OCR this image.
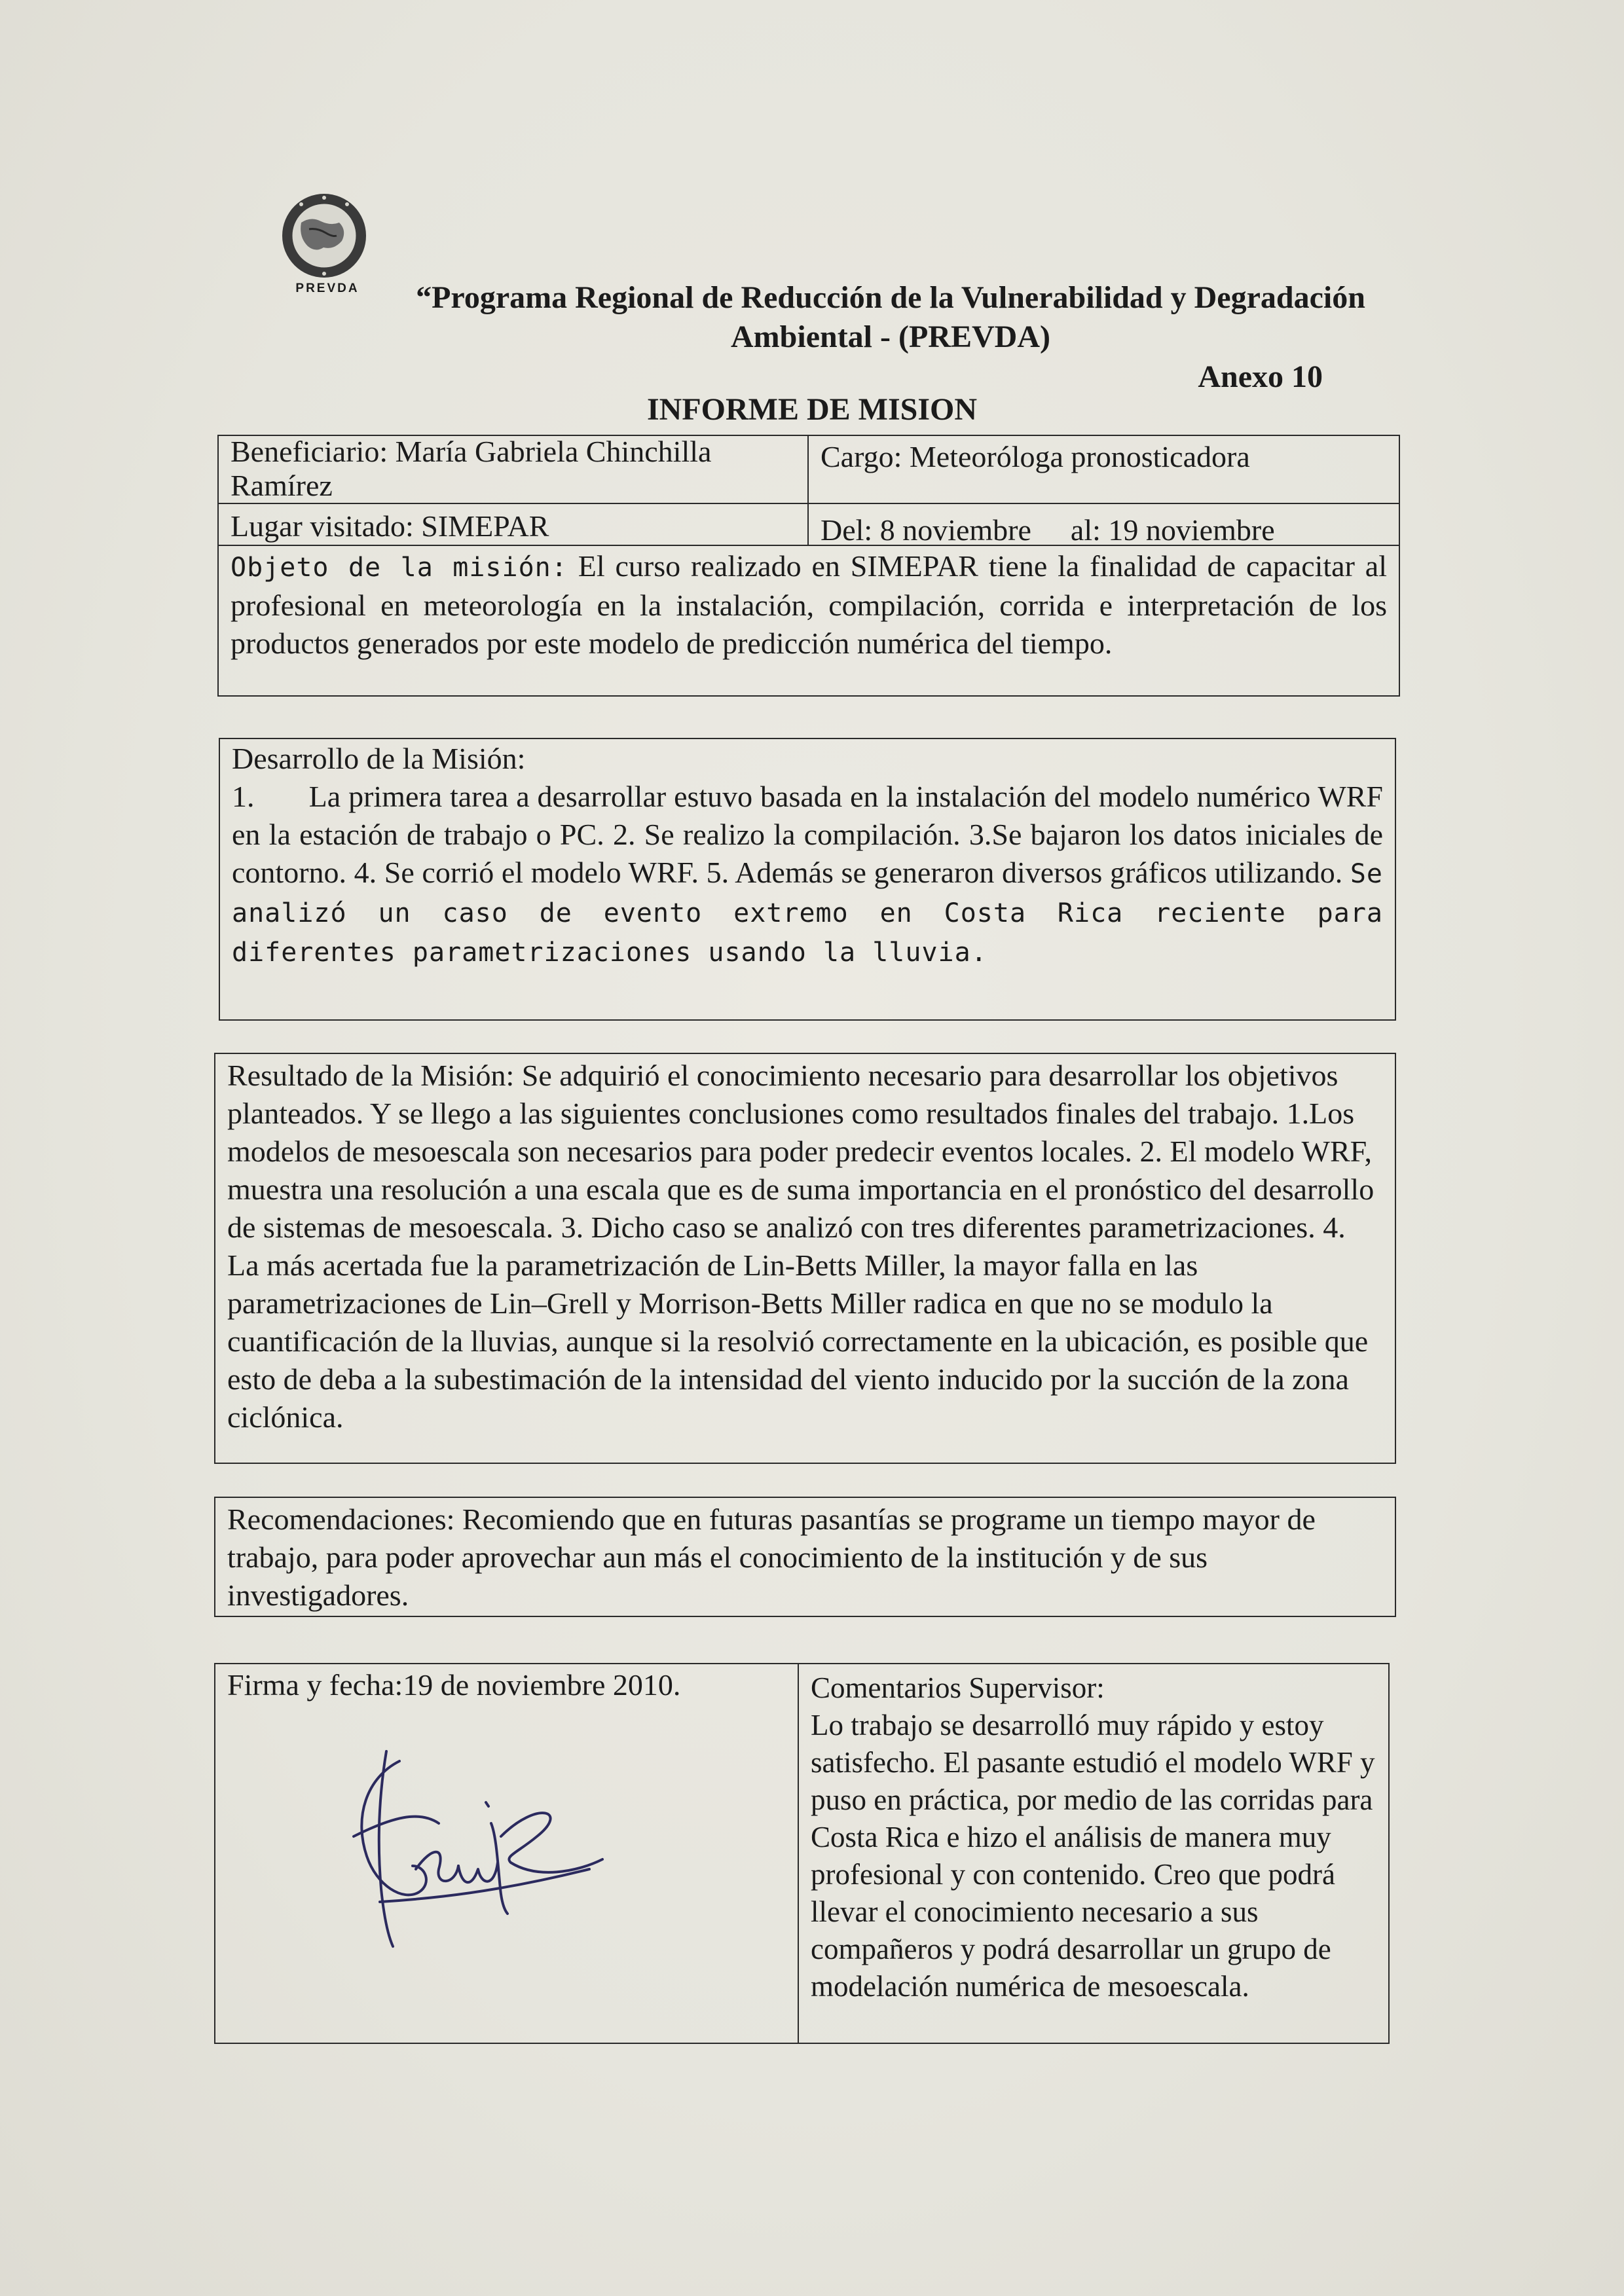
PREVDA	“Programa Regional de Reducción de la Vulnerabilidad y Degradación
Ambiental - (PREVDA)
Anexo 10
INFORME DE MISION
Beneficiario: María Gabriela Chinchilla Ramírez
Cargo: Meteoróloga pronosticadora
Lugar visitado: SIMEPAR	Del: 8 noviembre al: 19 noviembre
Objeto de la misión: El curso realizado en SIMEPAR tiene la finalidad de capacitar al profesional en meteorología en la instalación, compilación, corrida e interpretación de los productos generados por este modelo de predicción numérica del tiempo.
Desarrollo de la Misión:
1.       La primera tarea a desarrollar estuvo basada en la instalación del modelo numérico WRF en la estación de trabajo o PC. 2. Se realizo la compilación. 3.Se bajaron los datos iniciales de contorno. 4. Se corrió el modelo WRF. 5. Además se generaron diversos gráficos utilizando. Se analizó un caso de evento extremo en Costa Rica reciente para diferentes parametrizaciones usando la lluvia.
Resultado de la Misión: Se adquirió el conocimiento necesario para desarrollar los objetivos planteados. Y se llego a las siguientes conclusiones como resultados finales del trabajo. 1.Los modelos de mesoescala son necesarios para poder predecir eventos locales. 2. El modelo WRF, muestra una resolución a una escala que es de suma importancia en el pronóstico del desarrollo de sistemas de mesoescala. 3. Dicho caso se analizó con tres diferentes parametrizaciones. 4. La más acertada fue la parametrización de Lin-Betts Miller, la mayor falla en las parametrizaciones de Lin–Grell y Morrison-Betts Miller radica en que no se modulo la cuantificación de la lluvias, aunque si la resolvió correctamente en la ubicación, es posible que esto de deba a la subestimación de la intensidad del viento inducido por la succión de la zona ciclónica.
Recomendaciones: Recomiendo que en futuras pasantías se programe un tiempo mayor de trabajo, para poder aprovechar aun más el conocimiento de la institución y de sus investigadores.
Firma y fecha:19 de noviembre 2010.	Comentarios Supervisor:
Lo trabajo se desarrolló muy rápido y estoy satisfecho. El pasante estudió el modelo WRF y puso en práctica, por medio de las corridas para Costa Rica e hizo el análisis de manera muy profesional y con contenido. Creo que podrá llevar el conocimiento necesario a sus compañeros y podrá desarrollar un grupo de modelación numérica de mesoescala.
